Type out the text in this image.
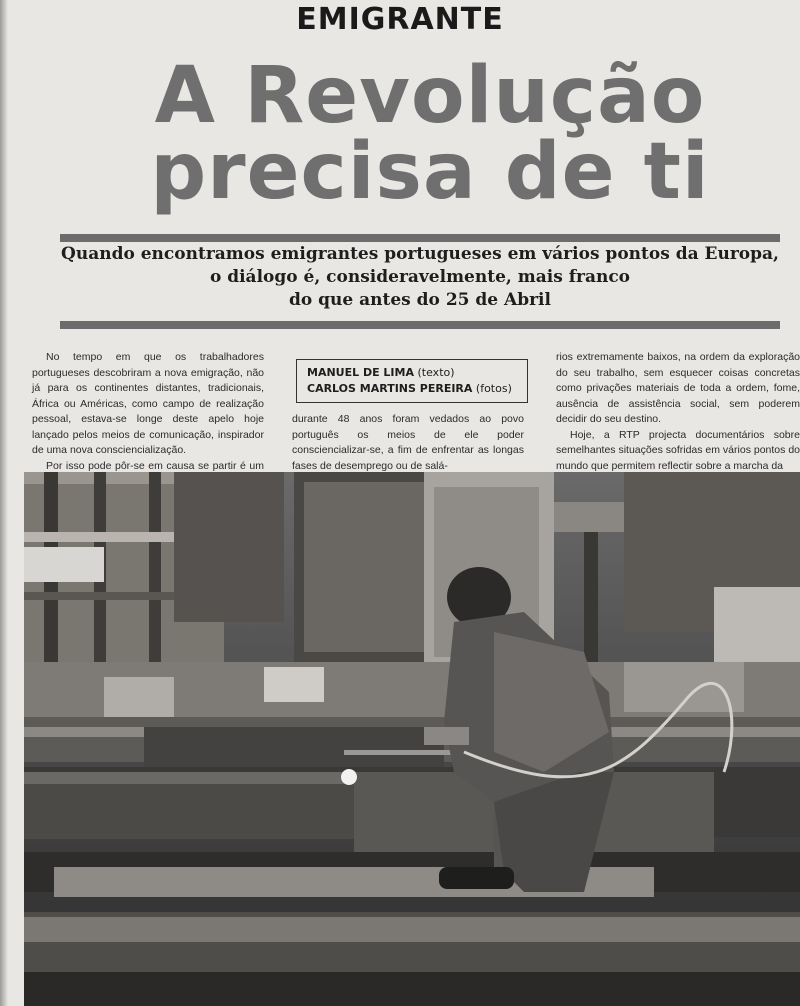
EMIGRANTE
A Revolução
precisa de ti
Quando encontramos emigrantes portugueses em vários pontos da Europa,
o diálogo é, consideravelmente, mais franco
do que antes do 25 de Abril

No tempo em que os trabalhadores portugueses descobriram a nova emigração, não já para os continentes distantes, tradicionais, África ou Américas, como campo de realização pessoal, estava-se longe deste apelo hoje lançado pelos meios de comunicação, inspirador de uma nova consciencialização.

Por isso pode pôr-se em causa se partir é um

MANUEL DE LIMA (texto)
CARLOS MARTINS PEREIRA (fotos)

durante 48 anos foram vedados ao povo português os meios de ele poder consciencializar-se, a fim de enfrentar as longas fases de desemprego ou de salá-

rios extremamente baixos, na ordem da exploração do seu trabalho, sem esquecer coisas concretas como privações materiais de toda a ordem, fome, ausência de assistência social, sem poderem decidir do seu destino.

Hoje, a RTP projecta documentários sobre semelhantes situações sofridas em vários pontos do mundo que permitem reflectir sobre a marcha da
